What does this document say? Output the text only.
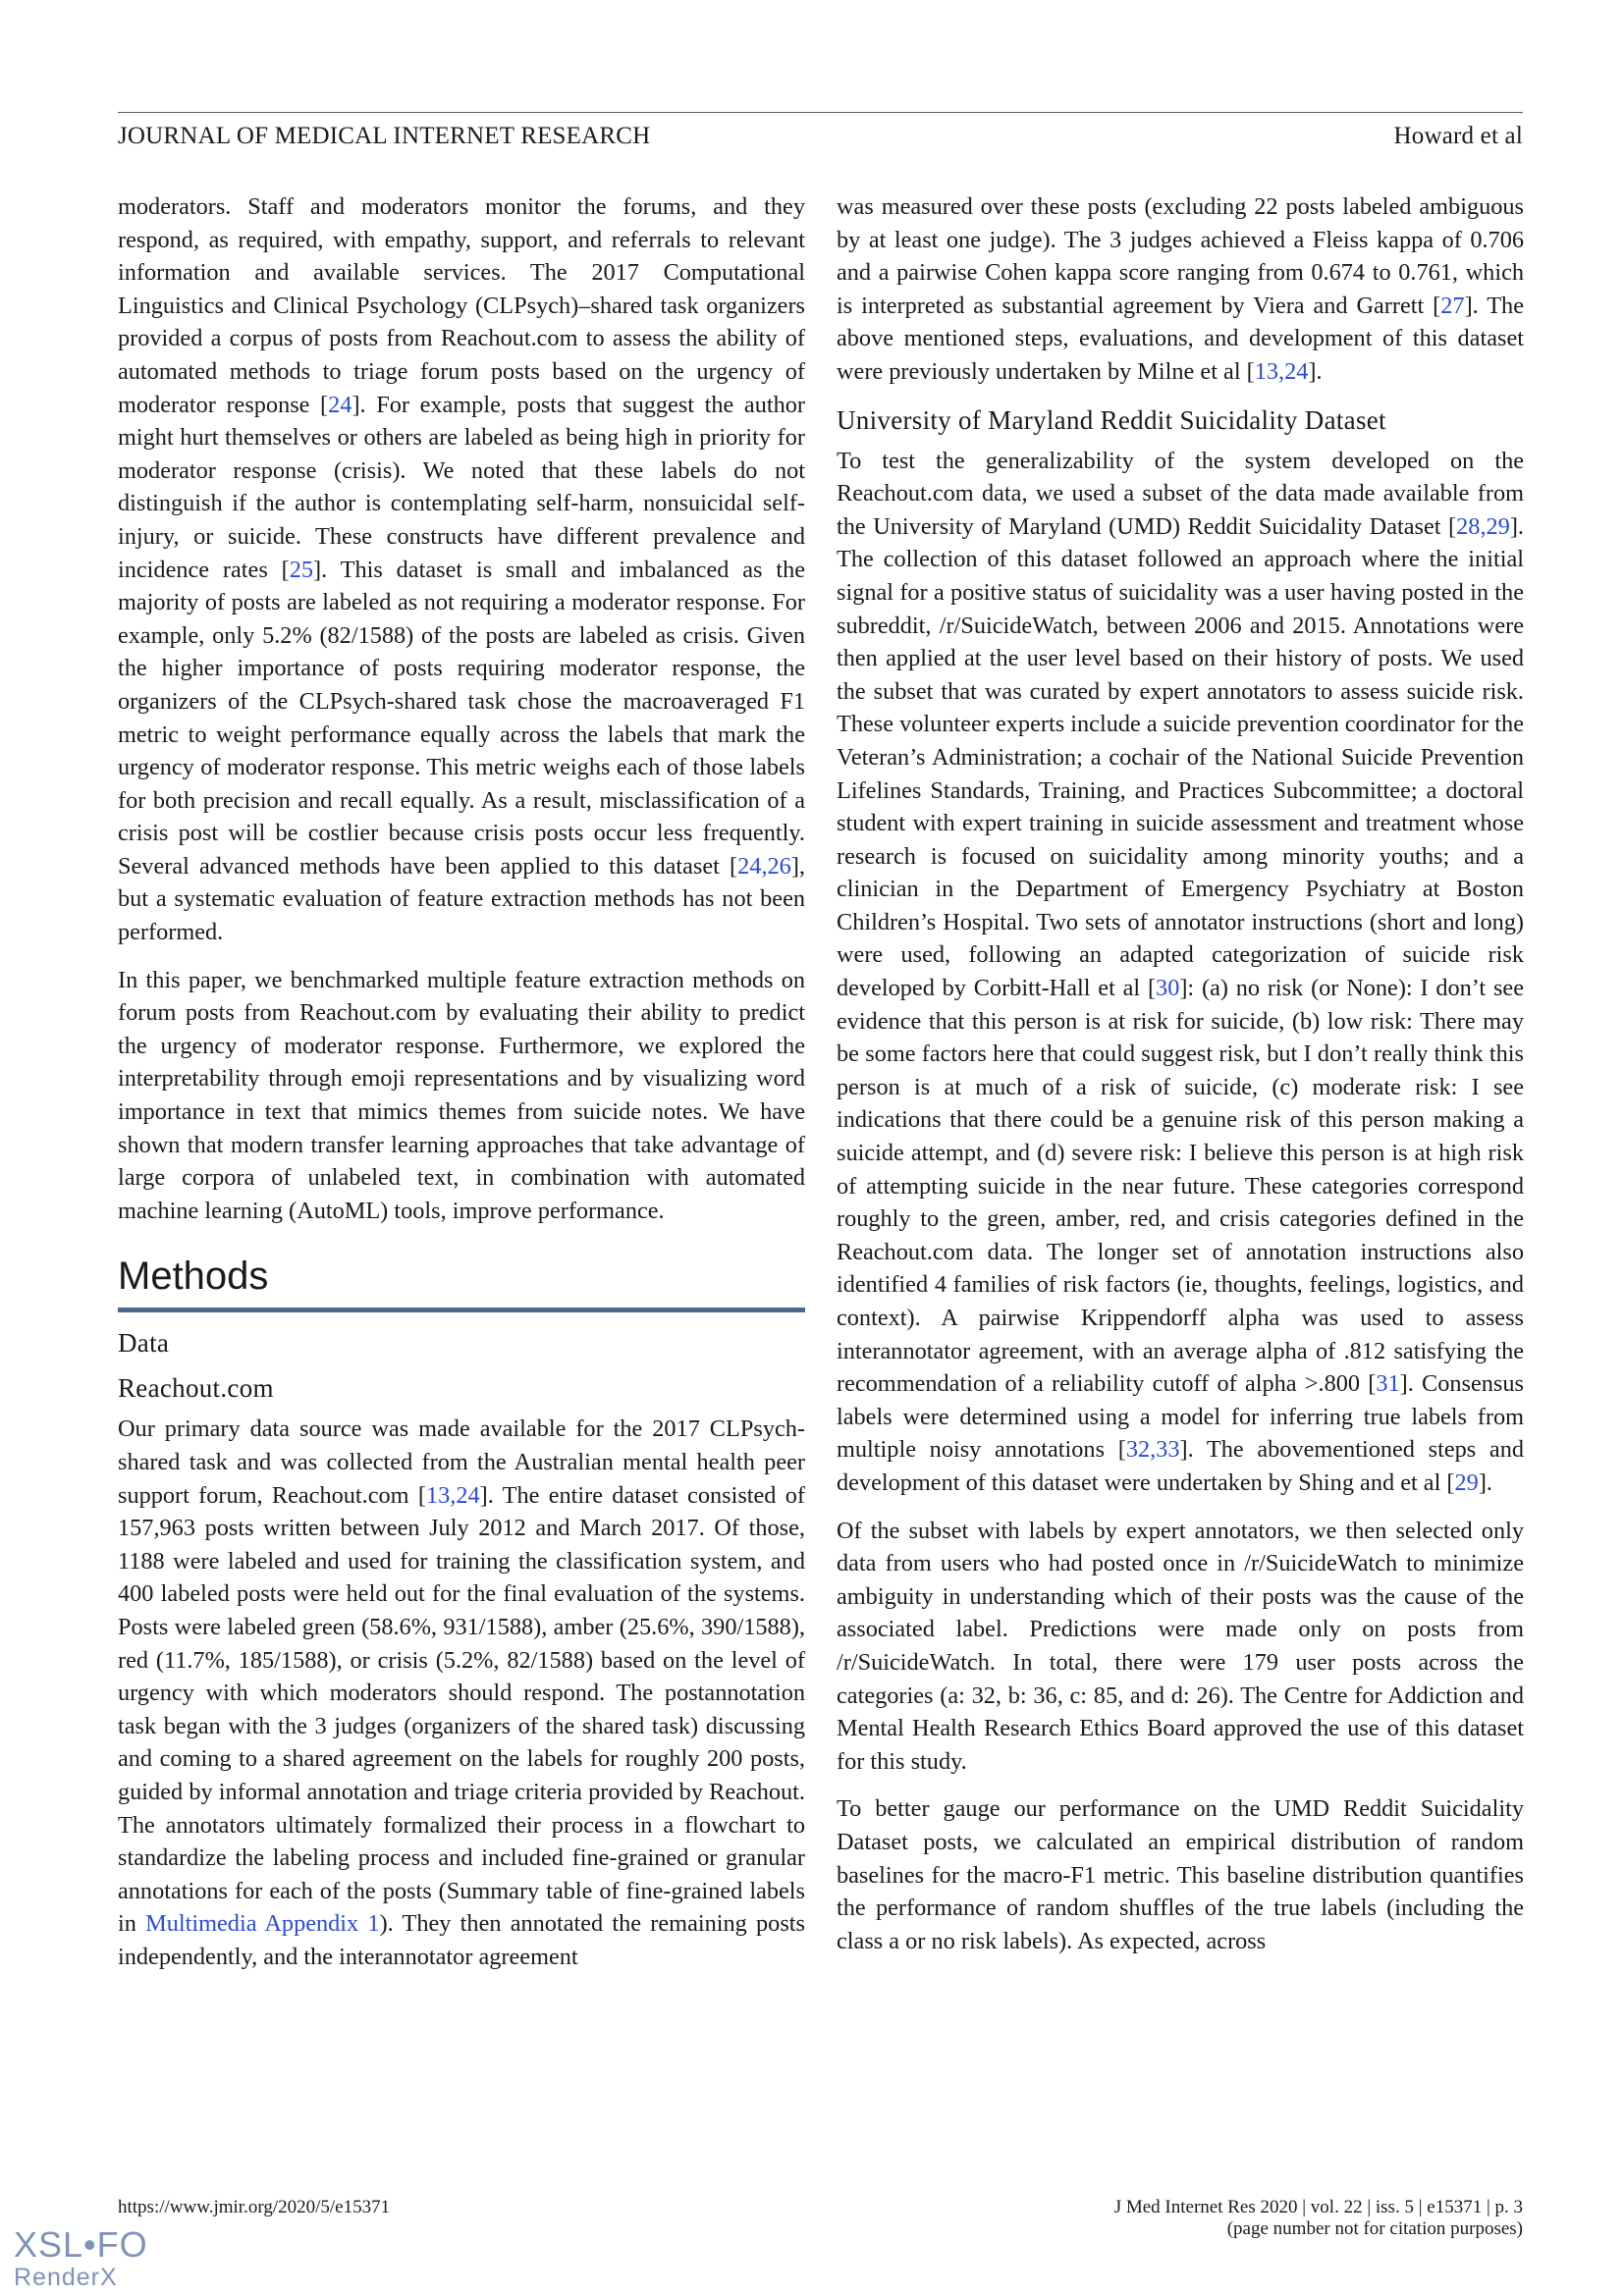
JOURNAL OF MEDICAL INTERNET RESEARCH	Howard et al

moderators. Staff and moderators monitor the forums, and they respond, as required, with empathy, support, and referrals to relevant information and available services. The 2017 Computational Linguistics and Clinical Psychology (CLPsych)–shared task organizers provided a corpus of posts from Reachout.com to assess the ability of automated methods to triage forum posts based on the urgency of moderator response [24]. For example, posts that suggest the author might hurt themselves or others are labeled as being high in priority for moderator response (crisis). We noted that these labels do not distinguish if the author is contemplating self-harm, nonsuicidal self-injury, or suicide. These constructs have different prevalence and incidence rates [25]. This dataset is small and imbalanced as the majority of posts are labeled as not requiring a moderator response. For example, only 5.2% (82/1588) of the posts are labeled as crisis. Given the higher importance of posts requiring moderator response, the organizers of the CLPsych-shared task chose the macroaveraged F1 metric to weight performance equally across the labels that mark the urgency of moderator response. This metric weighs each of those labels for both precision and recall equally. As a result, misclassification of a crisis post will be costlier because crisis posts occur less frequently. Several advanced methods have been applied to this dataset [24,26], but a systematic evaluation of feature extraction methods has not been performed.

In this paper, we benchmarked multiple feature extraction methods on forum posts from Reachout.com by evaluating their ability to predict the urgency of moderator response. Furthermore, we explored the interpretability through emoji representations and by visualizing word importance in text that mimics themes from suicide notes. We have shown that modern transfer learning approaches that take advantage of large corpora of unlabeled text, in combination with automated machine learning (AutoML) tools, improve performance.

Methods
Data
Reachout.com

Our primary data source was made available for the 2017 CLPsych-shared task and was collected from the Australian mental health peer support forum, Reachout.com [13,24]. The entire dataset consisted of 157,963 posts written between July 2012 and March 2017. Of those, 1188 were labeled and used for training the classification system, and 400 labeled posts were held out for the final evaluation of the systems. Posts were labeled green (58.6%, 931/1588), amber (25.6%, 390/1588), red (11.7%, 185/1588), or crisis (5.2%, 82/1588) based on the level of urgency with which moderators should respond. The postannotation task began with the 3 judges (organizers of the shared task) discussing and coming to a shared agreement on the labels for roughly 200 posts, guided by informal annotation and triage criteria provided by Reachout. The annotators ultimately formalized their process in a flowchart to standardize the labeling process and included fine-grained or granular annotations for each of the posts (Summary table of fine-grained labels in Multimedia Appendix 1). They then annotated the remaining posts independently, and the interannotator agreement

was measured over these posts (excluding 22 posts labeled ambiguous by at least one judge). The 3 judges achieved a Fleiss kappa of 0.706 and a pairwise Cohen kappa score ranging from 0.674 to 0.761, which is interpreted as substantial agreement by Viera and Garrett [27]. The above mentioned steps, evaluations, and development of this dataset were previously undertaken by Milne et al [13,24].

University of Maryland Reddit Suicidality Dataset

To test the generalizability of the system developed on the Reachout.com data, we used a subset of the data made available from the University of Maryland (UMD) Reddit Suicidality Dataset [28,29]. The collection of this dataset followed an approach where the initial signal for a positive status of suicidality was a user having posted in the subreddit, /r/SuicideWatch, between 2006 and 2015. Annotations were then applied at the user level based on their history of posts. We used the subset that was curated by expert annotators to assess suicide risk. These volunteer experts include a suicide prevention coordinator for the Veteran’s Administration; a cochair of the National Suicide Prevention Lifelines Standards, Training, and Practices Subcommittee; a doctoral student with expert training in suicide assessment and treatment whose research is focused on suicidality among minority youths; and a clinician in the Department of Emergency Psychiatry at Boston Children’s Hospital. Two sets of annotator instructions (short and long) were used, following an adapted categorization of suicide risk developed by Corbitt-Hall et al [30]: (a) no risk (or None): I don’t see evidence that this person is at risk for suicide, (b) low risk: There may be some factors here that could suggest risk, but I don’t really think this person is at much of a risk of suicide, (c) moderate risk: I see indications that there could be a genuine risk of this person making a suicide attempt, and (d) severe risk: I believe this person is at high risk of attempting suicide in the near future. These categories correspond roughly to the green, amber, red, and crisis categories defined in the Reachout.com data. The longer set of annotation instructions also identified 4 families of risk factors (ie, thoughts, feelings, logistics, and context). A pairwise Krippendorff alpha was used to assess interannotator agreement, with an average alpha of .812 satisfying the recommendation of a reliability cutoff of alpha >.800 [31]. Consensus labels were determined using a model for inferring true labels from multiple noisy annotations [32,33]. The abovementioned steps and development of this dataset were undertaken by Shing and et al [29].

Of the subset with labels by expert annotators, we then selected only data from users who had posted once in /r/SuicideWatch to minimize ambiguity in understanding which of their posts was the cause of the associated label. Predictions were made only on posts from /r/SuicideWatch. In total, there were 179 user posts across the categories (a: 32, b: 36, c: 85, and d: 26). The Centre for Addiction and Mental Health Research Ethics Board approved the use of this dataset for this study.

To better gauge our performance on the UMD Reddit Suicidality Dataset posts, we calculated an empirical distribution of random baselines for the macro-F1 metric. This baseline distribution quantifies the performance of random shuffles of the true labels (including the class a or no risk labels). As expected, across

https://www.jmir.org/2020/5/e15371	J Med Internet Res 2020 | vol. 22 | iss. 5 | e15371 | p. 3
(page number not for citation purposes)
XSL•FO
RenderX
